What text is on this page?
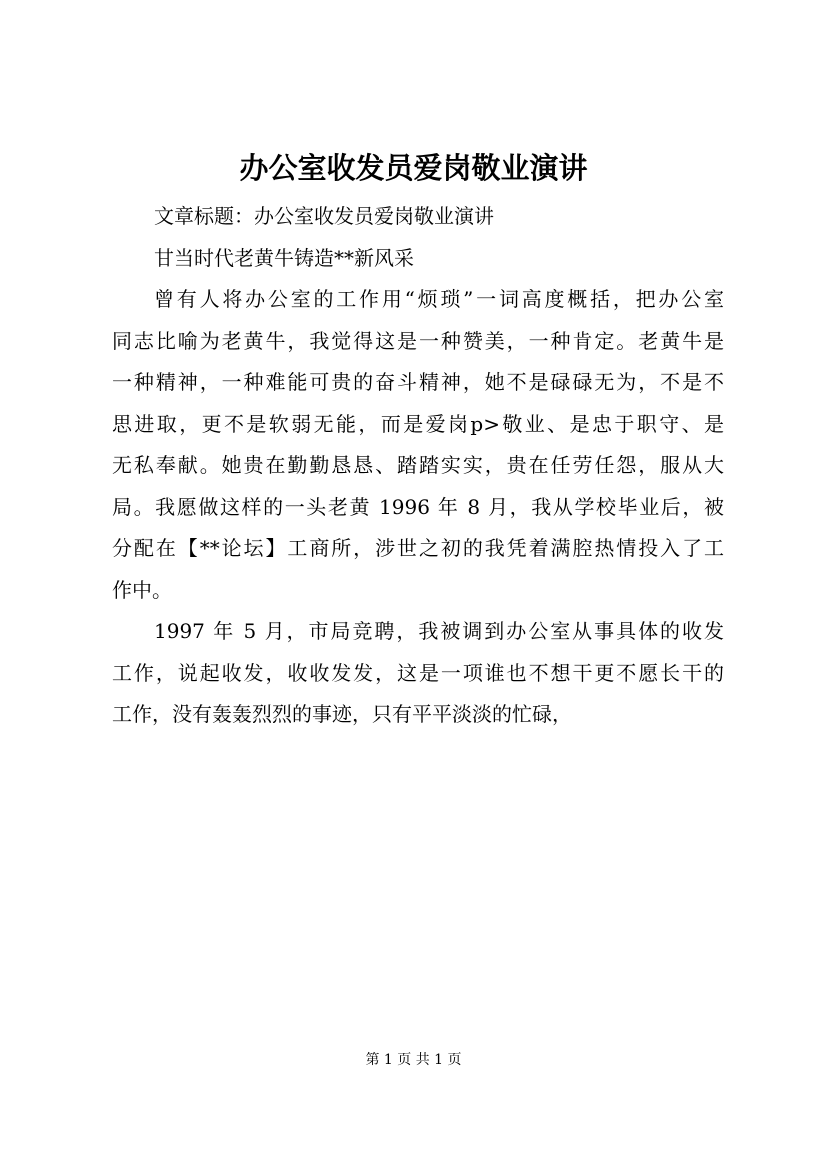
办公室收发员爱岗敬业演讲
文章标题：办公室收发员爱岗敬业演讲
甘当时代老黄牛铸造**新风采
曾有人将办公室的工作用“烦琐”一词高度概括，把办公室
同志比喻为老黄牛，我觉得这是一种赞美，一种肯定。老黄牛是
一种精神，一种难能可贵的奋斗精神，她不是碌碌无为，不是不
思进取，更不是软弱无能，而是爱岗p>敬业、是忠于职守、是
无私奉献。她贵在勤勤恳恳、踏踏实实，贵在任劳任怨，服从大
局。我愿做这样的一头老黄 1996 年 8 月，我从学校毕业后，被
分配在【**论坛】工商所，涉世之初的我凭着满腔热情投入了工
作中。
1997 年 5 月，市局竞聘，我被调到办公室从事具体的收发
工作，说起收发，收收发发，这是一项谁也不想干更不愿长干的
工作，没有轰轰烈烈的事迹，只有平平淡淡的忙碌，
第 1 页 共 1 页
